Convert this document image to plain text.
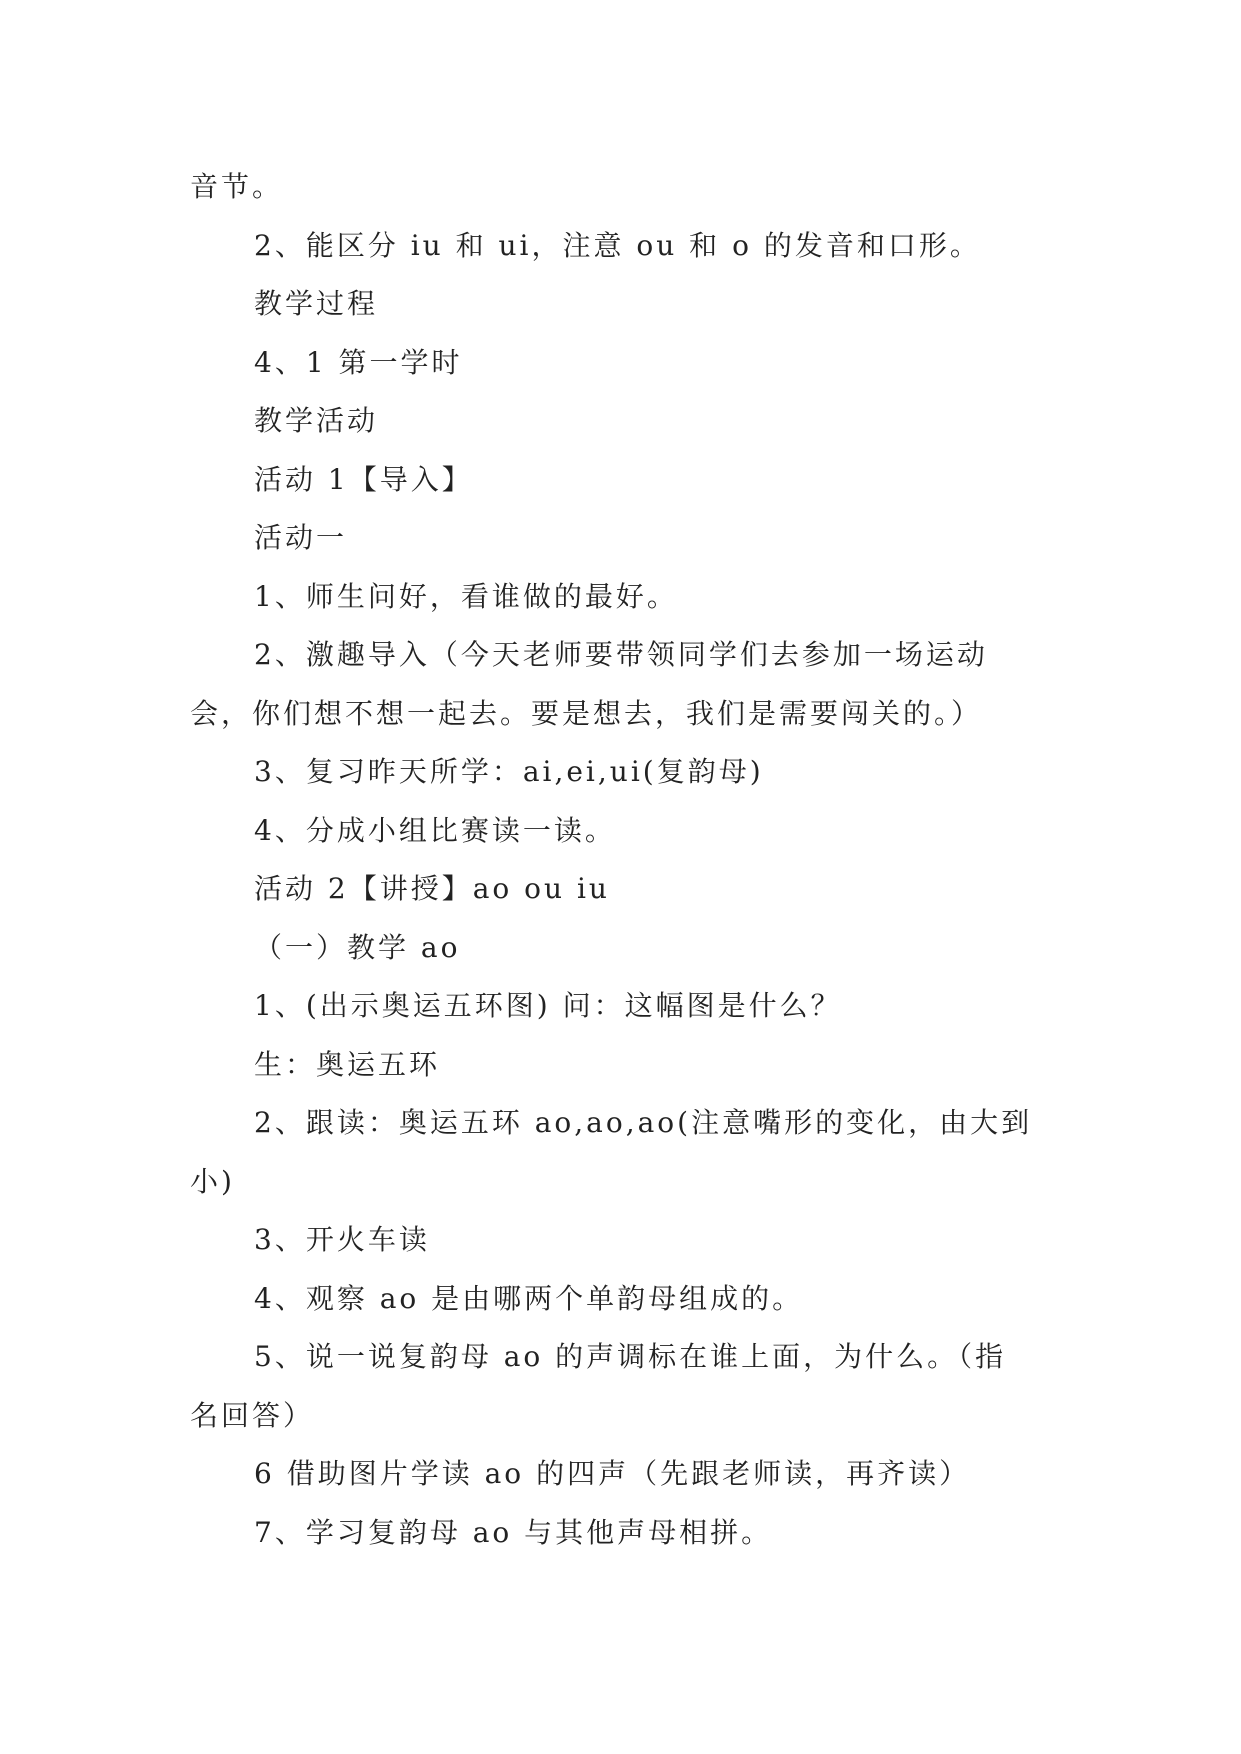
音节。
2、能区分 iu 和 ui，注意 ou 和 o 的发音和口形。
教学过程
4、1 第一学时
教学活动
活动 1【导入】
活动一
1、师生问好，看谁做的最好。
2、激趣导入（今天老师要带领同学们去参加一场运动
会，你们想不想一起去。要是想去，我们是需要闯关的。）
3、复习昨天所学：ai,ei,ui(复韵母)
4、分成小组比赛读一读。
活动 2【讲授】ao ou iu
（一）教学 ao
1、(出示奥运五环图) 问：这幅图是什么？
生：奥运五环
2、跟读：奥运五环 ao,ao,ao(注意嘴形的变化，由大到
小)
3、开火车读
4、观察 ao 是由哪两个单韵母组成的。
5、说一说复韵母 ao 的声调标在谁上面，为什么。（指
名回答）
6 借助图片学读 ao 的四声（先跟老师读，再齐读）
7、学习复韵母 ao 与其他声母相拼。
